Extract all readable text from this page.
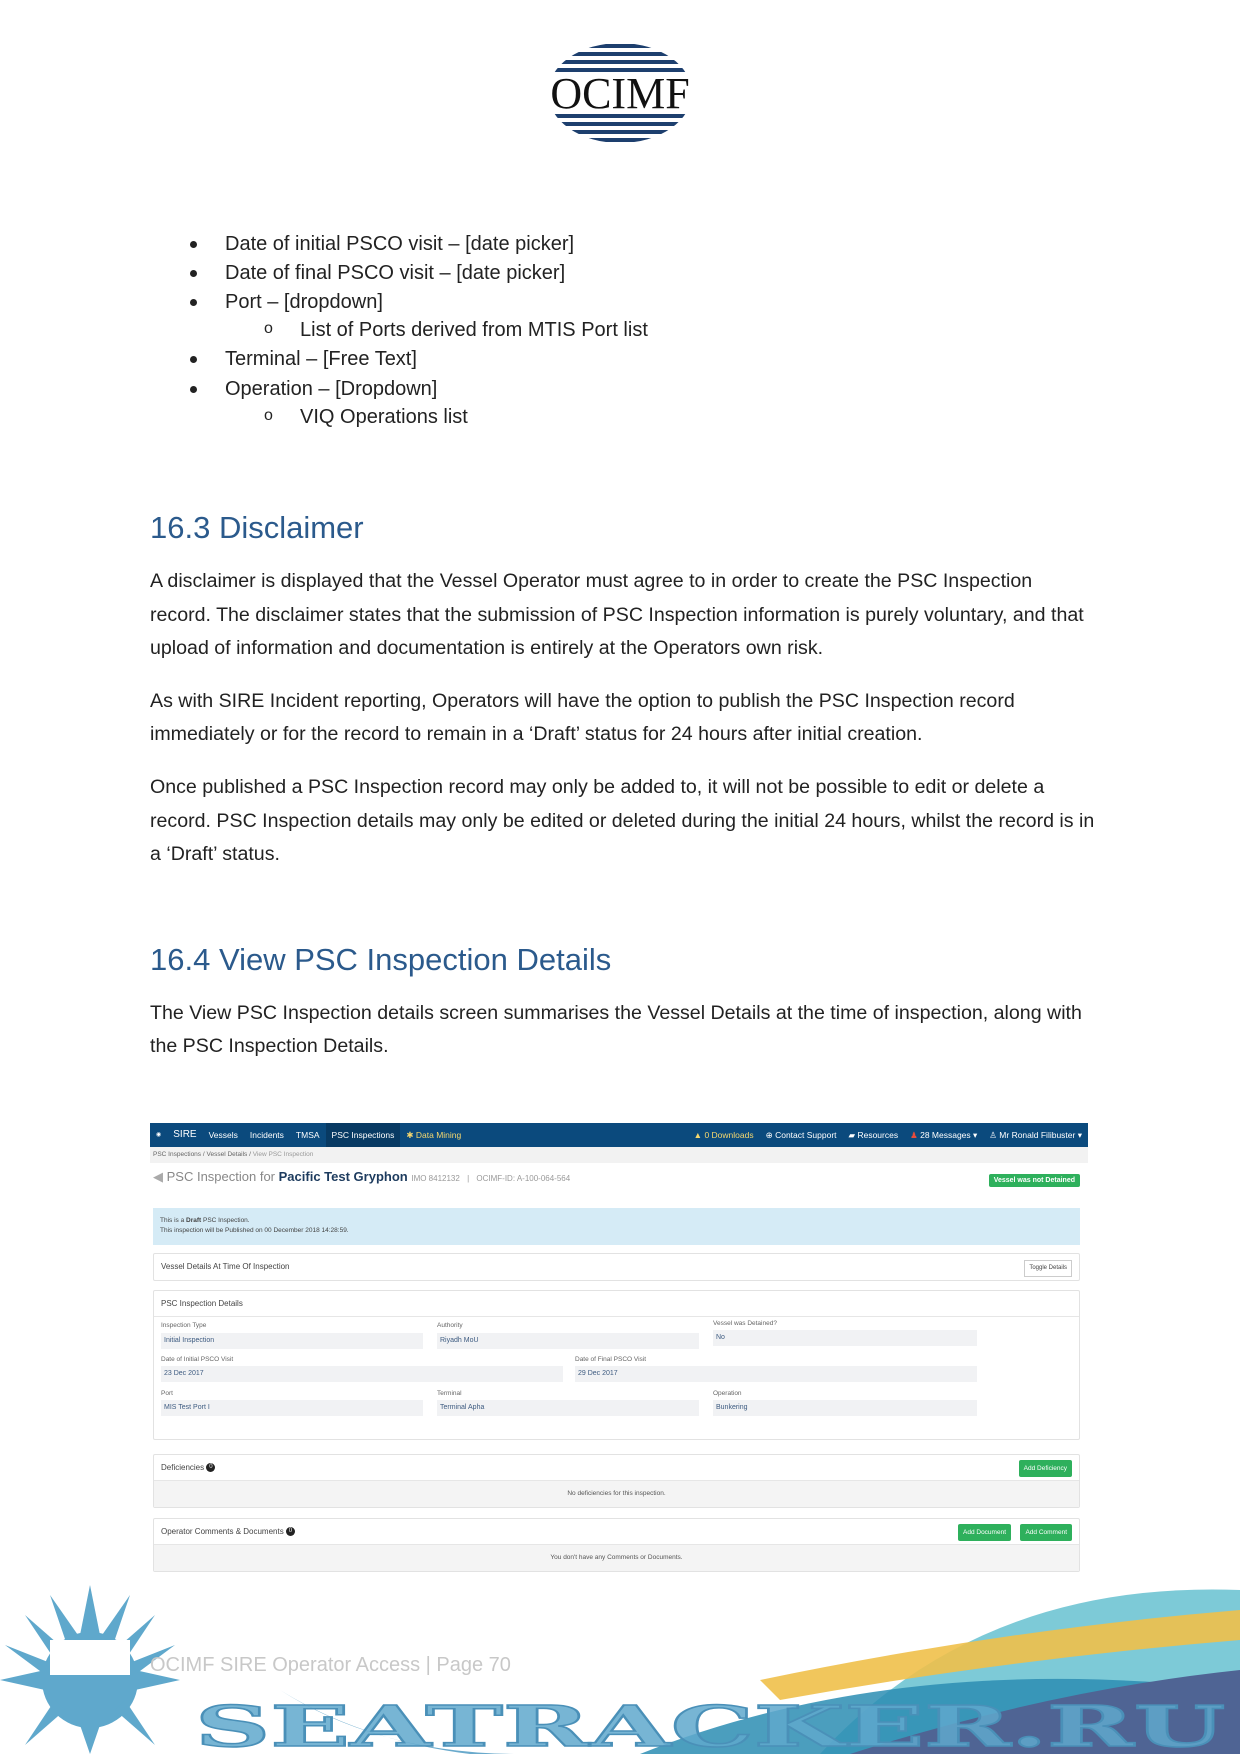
OCIMF
Date of initial PSCO visit – [date picker]
Date of final PSCO visit – [date picker]
Port – [dropdown]
o List of Ports derived from MTIS Port list
Terminal – [Free Text]
Operation – [Dropdown]
o VIQ Operations list
16.3 Disclaimer

A disclaimer is displayed that the Vessel Operator must agree to in order to create the PSC Inspection record. The disclaimer states that the submission of PSC Inspection information is purely voluntary, and that upload of information and documentation is entirely at the Operators own risk.

As with SIRE Incident reporting, Operators will have the option to publish the PSC Inspection record immediately or for the record to remain in a ‘Draft’ status for 24 hours after initial creation.

Once published a PSC Inspection record may only be added to, it will not be possible to edit or delete a record. PSC Inspection details may only be edited or deleted during the initial 24 hours, whilst the record is in a ‘Draft’ status.

16.4 View PSC Inspection Details

The View PSC Inspection details screen summarises the Vessel Details at the time of inspection, along with the PSC Inspection Details.

◉	SIRE	Vessels	Incidents	TMSA	PSC Inspections	✱ Data Mining	▲ 0 Downloads	⊕ Contact Support	▰ Resources	♟ 28 Messages ▾	♙ Mr Ronald Filibuster ▾
PSC Inspections / Vessel Details / View PSC Inspection
◀ PSC Inspection for Pacific Test Gryphon IMO 8412132 | OCIMF-ID: A-100-064-564	Vessel was not Detained
This is a Draft PSC Inspection.
This inspection will be Published on 00 December 2018 14:28:59.
Vessel Details At Time Of Inspection	Toggle Details
PSC Inspection Details
Inspection Type
Initial Inspection
Authority
Riyadh MoU
Vessel was Detained?
No
Date of Initial PSCO Visit
23 Dec 2017
Date of Final PSCO Visit
29 Dec 2017
Port
MIS Test Port I
Terminal
Terminal Apha
Operation
Bunkering
Deficiencies 0	Add Deficiency
No deficiencies for this inspection.
Operator Comments & Documents 0	Add Document	Add Comment
You don't have any Comments or Documents.
SEATRACKER.RU
OCIMF SIRE Operator Access | Page 70
